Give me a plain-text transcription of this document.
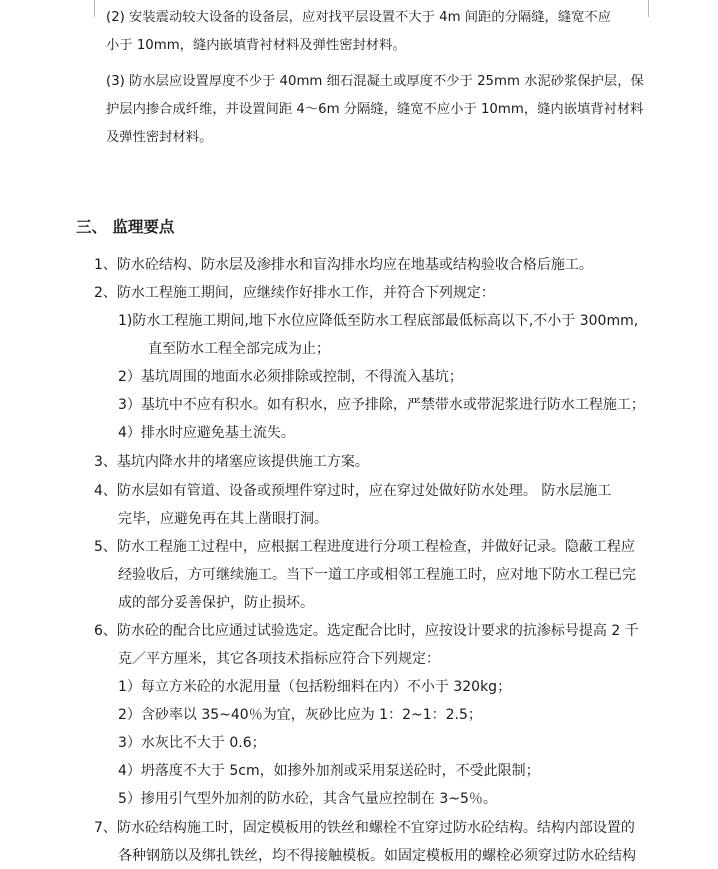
(2) 安装震动较大设备的设备层，应对找平层设置不大于 4m 间距的分隔缝，缝宽不应
小于 10mm，缝内嵌填背衬材料及弹性密封材料。
(3) 防水层应设置厚度不少于 40mm 细石混凝土或厚度不少于 25mm 水泥砂浆保护层，保
护层内掺合成纤维，并设置间距 4～6m 分隔缝，缝宽不应小于 10mm，缝内嵌填背衬材料
及弹性密封材料。
三、 监理要点
1、防水砼结构、防水层及渗排水和盲沟排水均应在地基或结构验收合格后施工。
2、防水工程施工期间，应继续作好排水工作，并符合下列规定：
1)防水工程施工期间,地下水位应降低至防水工程底部最低标高以下,不小于 300mm,
直至防水工程全部完成为止；
2）基坑周围的地面水必须排除或控制，不得流入基坑；
3）基坑中不应有积水。如有积水，应予排除，严禁带水或带泥浆进行防水工程施工；
4）排水时应避免基土流失。
3、基坑内降水井的堵塞应该提供施工方案。
4、防水层如有管道、设备或预埋件穿过时，应在穿过处做好防水处理。 防水层施工
完毕，应避免再在其上凿眼打洞。
5、防水工程施工过程中，应根据工程进度进行分项工程检查，并做好记录。隐蔽工程应
经验收后，方可继续施工。当下一道工序或相邻工程施工时，应对地下防水工程已完
成的部分妥善保护，防止损坏。
6、防水砼的配合比应通过试验选定。选定配合比时，应按设计要求的抗渗标号提高 2 千
克／平方厘米，其它各项技术指标应符合下列规定：
1）每立方米砼的水泥用量（包括粉细料在内）不小于 320kg；
2）含砂率以 35~40％为宜，灰砂比应为 1：2~1：2.5；
3）水灰比不大于 0.6；
4）坍落度不大于 5cm，如掺外加剂或采用泵送砼时，不受此限制；
5）掺用引气型外加剂的防水砼，其含气量应控制在 3~5％。
7、防水砼结构施工时，固定模板用的铁丝和螺栓不宜穿过防水砼结构。结构内部设置的
各种钢筋以及绑扎铁丝，均不得接触模板。如固定模板用的螺栓必须穿过防水砼结构
